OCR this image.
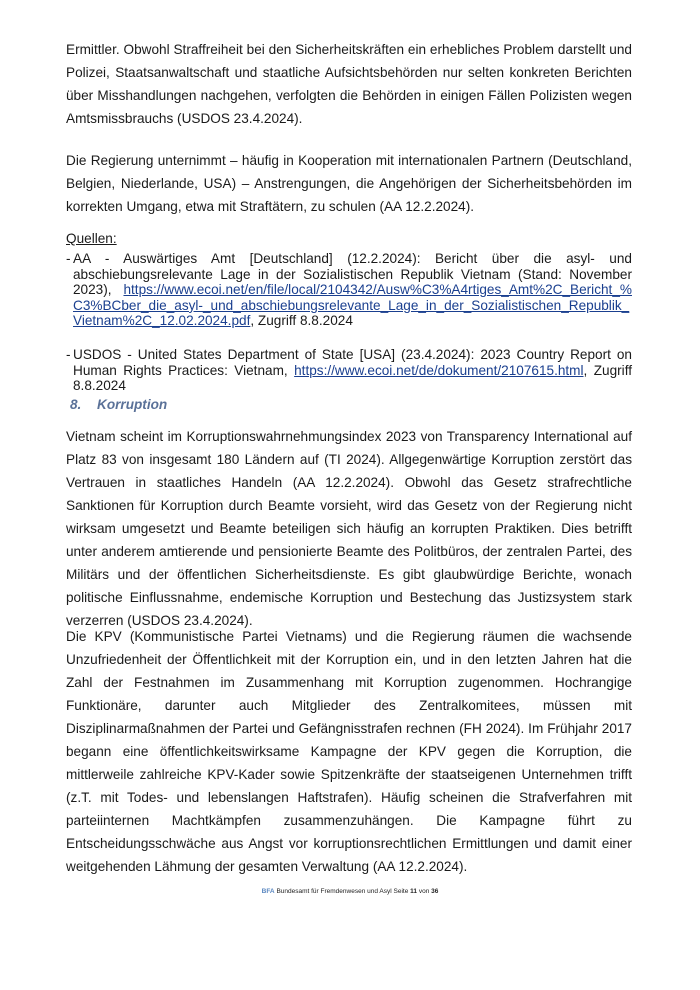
Ermittler. Obwohl Straffreiheit bei den Sicherheitskräften ein erhebliches Problem darstellt und Polizei, Staatsanwaltschaft und staatliche Aufsichtsbehörden nur selten konkreten Berichten über Misshandlungen nachgehen, verfolgten die Behörden in einigen Fällen Polizisten wegen Amtsmissbrauchs (USDOS 23.4.2024).

Die Regierung unternimmt – häufig in Kooperation mit internationalen Partnern (Deutschland, Belgien, Niederlande, USA) – Anstrengungen, die Angehörigen der Sicherheitsbehörden im korrekten Umgang, etwa mit Straftätern, zu schulen (AA 12.2.2024).

Quellen:

- AA - Auswärtiges Amt [Deutschland] (12.2.2024): Bericht über die asyl- und abschiebungsrelevante Lage in der Sozialistischen Republik Vietnam (Stand: November 2023), https://www.ecoi.net/en/file/local/2104342/Ausw%C3%A4rtiges_Amt%2C_Bericht_%C3%BCber_die_asyl-_und_abschiebungsrelevante_Lage_in_der_Sozialistischen_Republik_Vietnam%2C_12.02.2024.pdf, Zugriff 8.8.2024
- USDOS - United States Department of State [USA] (23.4.2024): 2023 Country Report on Human Rights Practices: Vietnam, https://www.ecoi.net/de/dokument/2107615.html, Zugriff 8.8.2024
8. Korruption

Vietnam scheint im Korruptionswahrnehmungsindex 2023 von Transparency International auf Platz 83 von insgesamt 180 Ländern auf (TI 2024). Allgegenwärtige Korruption zerstört das Vertrauen in staatliches Handeln (AA 12.2.2024). Obwohl das Gesetz strafrechtliche Sanktionen für Korruption durch Beamte vorsieht, wird das Gesetz von der Regierung nicht wirksam umgesetzt und Beamte beteiligen sich häufig an korrupten Praktiken. Dies betrifft unter anderem amtierende und pensionierte Beamte des Politbüros, der zentralen Partei, des Militärs und der öffentlichen Sicherheitsdienste. Es gibt glaubwürdige Berichte, wonach politische Einflussnahme, endemische Korruption und Bestechung das Justizsystem stark verzerren (USDOS 23.4.2024).

Die KPV (Kommunistische Partei Vietnams) und die Regierung räumen die wachsende Unzufriedenheit der Öffentlichkeit mit der Korruption ein, und in den letzten Jahren hat die Zahl der Festnahmen im Zusammenhang mit Korruption zugenommen. Hochrangige Funktionäre, darunter auch Mitglieder des Zentralkomitees, müssen mit Disziplinarmaßnahmen der Partei und Gefängnisstrafen rechnen (FH 2024). Im Frühjahr 2017 begann eine öffentlichkeitswirksame Kampagne der KPV gegen die Korruption, die mittlerweile zahlreiche KPV-Kader sowie Spitzenkräfte der staatseigenen Unternehmen trifft (z.T. mit Todes- und lebenslangen Haftstrafen). Häufig scheinen die Strafverfahren mit parteiinternen Machtkämpfen zusammenzuhängen. Die Kampagne führt zu Entscheidungsschwäche aus Angst vor korruptionsrechtlichen Ermittlungen und damit einer weitgehenden Lähmung der gesamten Verwaltung (AA 12.2.2024).

BFA Bundesamt für Fremdenwesen und Asyl Seite 11 von 36
